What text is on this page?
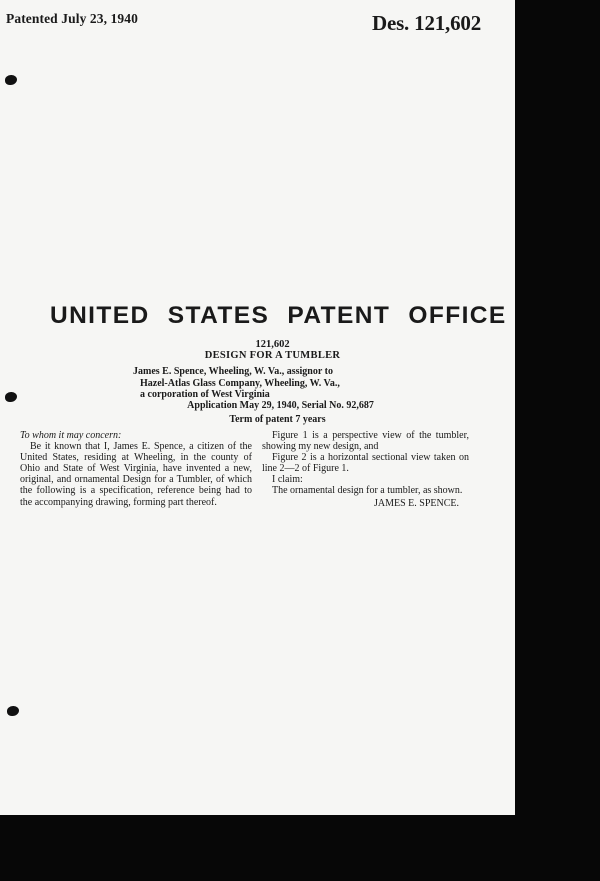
Patented July 23, 1940	Des. 121,602
UNITED STATES PATENT OFFICE
121,602
DESIGN FOR A TUMBLER
James E. Spence, Wheeling, W. Va., assignor to
Hazel-Atlas Glass Company, Wheeling, W. Va.,
a corporation of West Virginia
Application May 29, 1940, Serial No. 92,687
Term of patent 7 years

To whom it may concern:

Be it known that I, James E. Spence, a citizen of the United States, residing at Wheeling, in the county of Ohio and State of West Virginia, have invented a new, original, and ornamental Design for a Tumbler, of which the following is a specification, reference being had to the accompanying drawing, forming part thereof.

Figure 1 is a perspective view of the tumbler, showing my new design, and

Figure 2 is a horizontal sectional view taken on line 2—2 of Figure 1.

I claim:

The ornamental design for a tumbler, as shown.

JAMES E. SPENCE.
